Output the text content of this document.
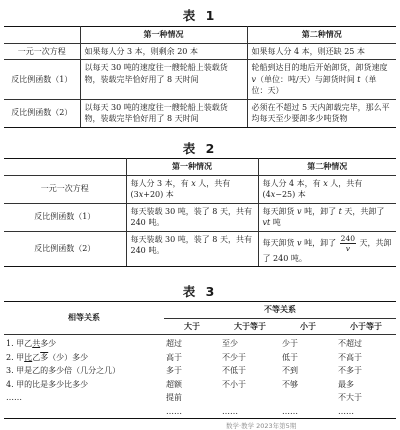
表 1
	第一种情况	第二种情况
一元一次方程	如果每人分 3 本，则剩余 20 本	如果每人分 4 本，则还缺 25 本
反比例函数（1）	以每天 30 吨的速度往一艘轮船上装载货物，装载完毕恰好用了 8 天时间	轮船到达目的地后开始卸货，卸货速度 v（单位：吨/天）与卸货时间 t（单位：天）
反比例函数（2）	以每天 30 吨的速度往一艘轮船上装载货物，装载完毕恰好用了 8 天时间	必须在不超过 5 天内卸载完毕，那么平均每天至少要卸多少吨货物
表 2
	第一种情况	第二种情况
一元一次方程	每人分 3 本，有 x 人，共有 (3x+20) 本	每人分 4 本，有 x 人，共有 (4x−25) 本
反比例函数（1）	每天装载 30 吨，装了 8 天，共有 240 吨。	每天卸货 v 吨，卸了 t 天，共卸了 vt 吨
反比例函数（2）	每天装载 30 吨，装了 8 天，共有 240 吨。	每天卸货 v 吨，卸了 $\frac{240}{v}$ 天，共卸了 240 吨。
表 3
相等关系	不等关系			
	大于	大于等于	小于	小于等于
1. 甲乙共多少	超过	至少	少于	不超过
2. 甲比乙多（少）多少	高于	不少于	低于	不高于
3. 甲是乙的多少倍（几分之几）	多于	不低于	不到	不多于
4. 甲的比是多少比多少	超额	不小于	不够	最多
……	提前			不大于
	……	……	……	……
数学·教学 2023年第5期
